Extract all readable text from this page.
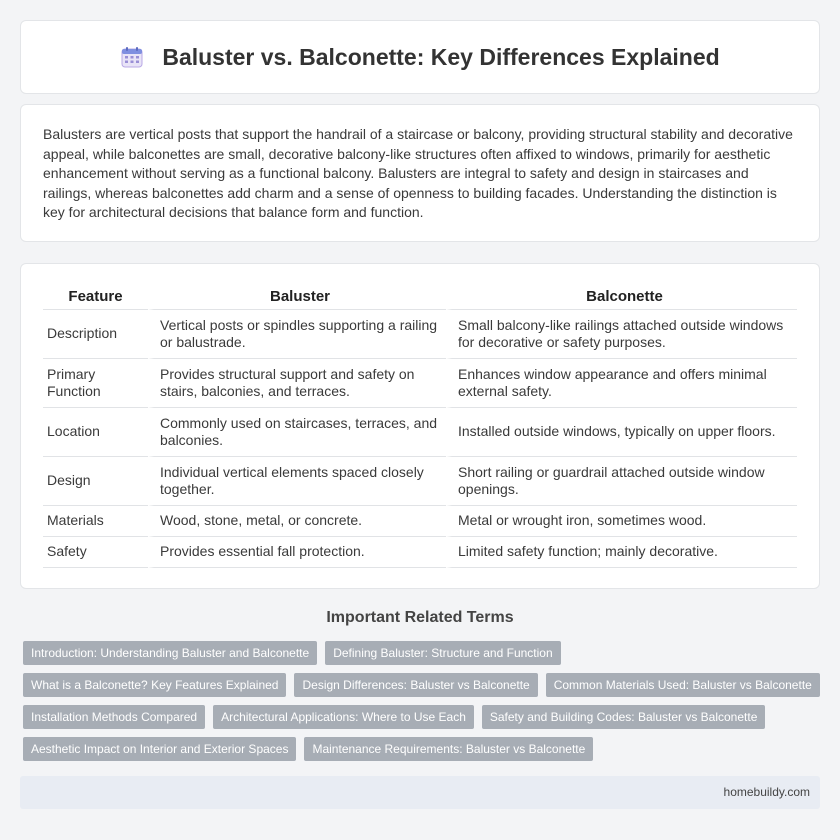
Baluster vs. Balconette: Key Differences Explained

Balusters are vertical posts that support the handrail of a staircase or balcony, providing structural stability and decorative appeal, while balconettes are small, decorative balcony-like structures often affixed to windows, primarily for aesthetic enhancement without serving as a functional balcony. Balusters are integral to safety and design in staircases and railings, whereas balconettes add charm and a sense of openness to building facades. Understanding the distinction is key for architectural decisions that balance form and function.

Feature	Baluster	Balconette
Description	Vertical posts or spindles supporting a railing or balustrade.	Small balcony-like railings attached outside windows for decorative or safety purposes.
Primary Function	Provides structural support and safety on stairs, balconies, and terraces.	Enhances window appearance and offers minimal external safety.
Location	Commonly used on staircases, terraces, and balconies.	Installed outside windows, typically on upper floors.
Design	Individual vertical elements spaced closely together.	Short railing or guardrail attached outside window openings.
Materials	Wood, stone, metal, or concrete.	Metal or wrought iron, sometimes wood.
Safety	Provides essential fall protection.	Limited safety function; mainly decorative.
Important Related Terms
Introduction: Understanding Baluster and Balconette	Defining Baluster: Structure and Function
What is a Balconette? Key Features Explained	Design Differences: Baluster vs Balconette	Common Materials Used: Baluster vs Balconette
Installation Methods Compared	Architectural Applications: Where to Use Each	Safety and Building Codes: Baluster vs Balconette
Aesthetic Impact on Interior and Exterior Spaces	Maintenance Requirements: Baluster vs Balconette
homebuildy.com
